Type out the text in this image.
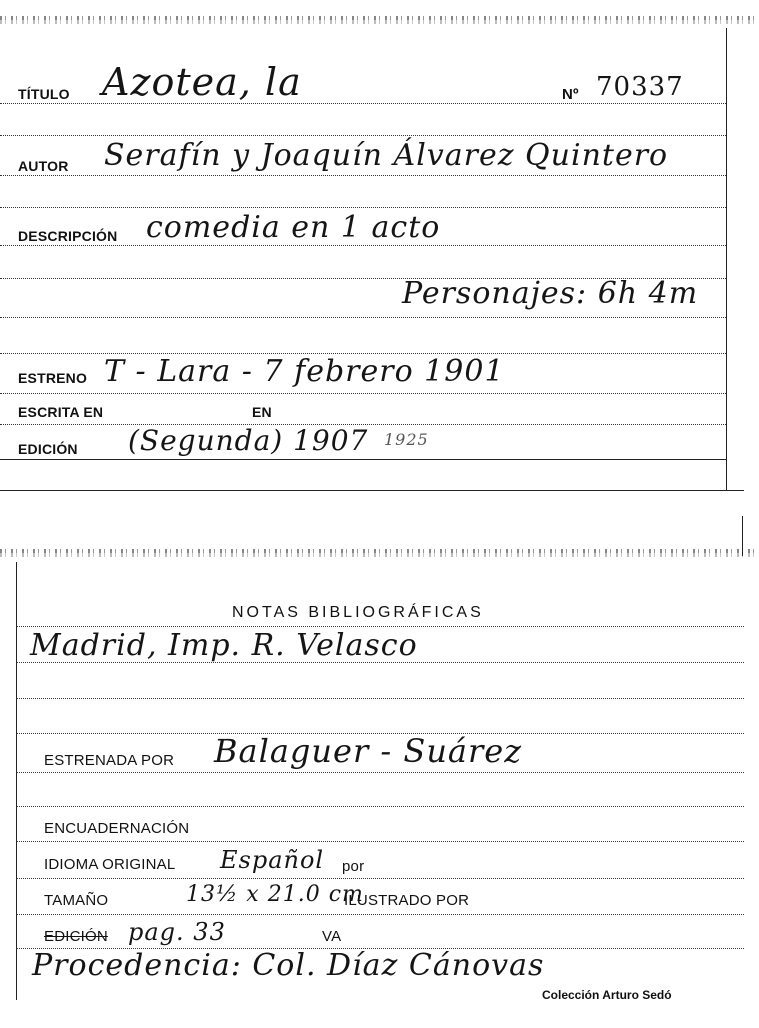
TÍTULO Azotea, la	Nº 70337
AUTOR Serafín y Joaquín Álvarez Quintero
DESCRIPCIÓN comedia en 1 acto
Personajes: 6h 4m
ESTRENO T - Lara - 7 febrero 1901
ESCRITA EN	EN
EDICIÓN (Segunda) 1907 1925
NOTAS BIBLIOGRÁFICAS
Madrid, Imp. R. Velasco
ESTRENADA POR Balaguer - Suárez
ENCUADERNACIÓN
IDIOMA ORIGINAL Español por
TAMAÑO	13½ x 21.0 cm
ILUSTRADO POR
EDICIÓN pag. 33	VA
Procedencia: Col. Díaz Cánovas
Colección Arturo Sedó
